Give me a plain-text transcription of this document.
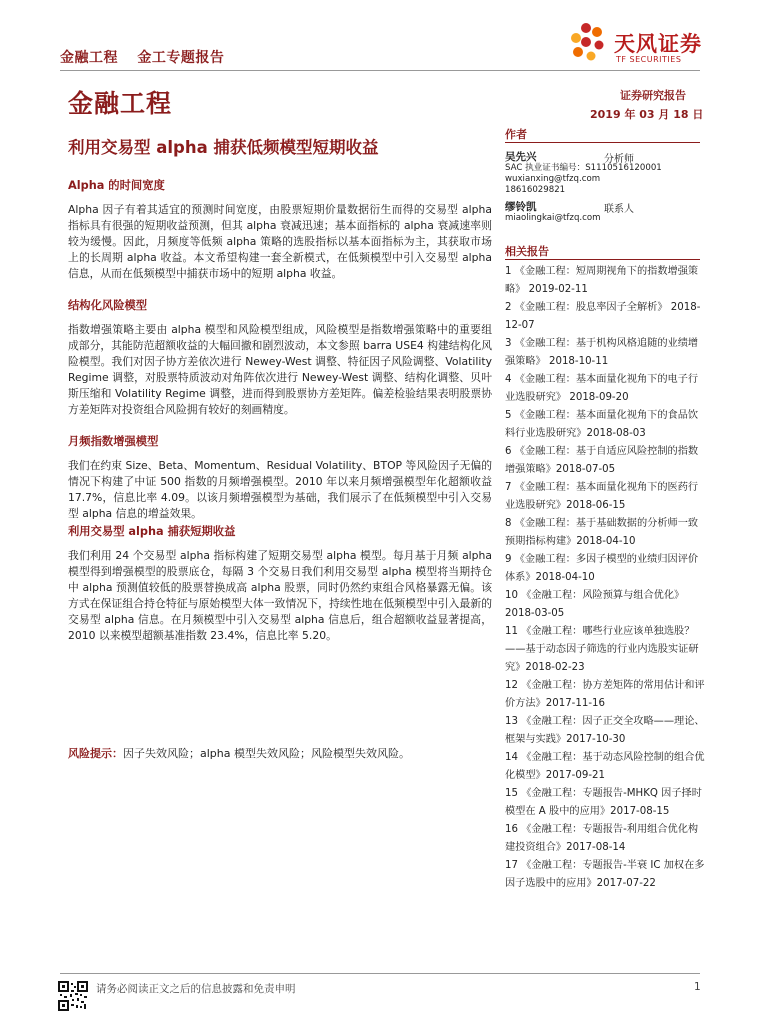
金融工程 金工专题报告
天风证券
TF SECURITIES
金融工程	证券研究报告
2019 年 03 月 18 日
利用交易型 alpha 捕获低频模型短期收益
Alpha 的时间宽度
Alpha 因子有着其适宜的预测时间宽度，由股票短期价量数据衍生而得的交易型 alpha 指标具有很强的短期收益预测，但其 alpha 衰减迅速；基本面指标的 alpha 衰减速率则较为缓慢。因此，月频度等低频 alpha 策略的选股指标以基本面指标为主，其获取市场上的长周期 alpha 收益。本文希望构建一套全新模式，在低频模型中引入交易型 alpha 信息，从而在低频模型中捕获市场中的短期 alpha 收益。
结构化风险模型
指数增强策略主要由 alpha 模型和风险模型组成，风险模型是指数增强策略中的重要组成部分，其能防范超额收益的大幅回撤和剧烈波动，本文参照 barra USE4 构建结构化风险模型。我们对因子协方差依次进行 Newey-West 调整、特征因子风险调整、Volatility Regime 调整，对股票特质波动对角阵依次进行 Newey-West 调整、结构化调整、贝叶斯压缩和 Volatility Regime 调整，进而得到股票协方差矩阵。偏差检验结果表明股票协方差矩阵对投资组合风险拥有较好的刻画精度。
月频指数增强模型
我们在约束 Size、Beta、Momentum、Residual Volatility、BTOP 等风险因子无偏的情况下构建了中证 500 指数的月频增强模型。2010 年以来月频增强模型年化超额收益 17.7%，信息比率 4.09。以该月频增强模型为基础，我们展示了在低频模型中引入交易型 alpha 信息的增益效果。
利用交易型 alpha 捕获短期收益
我们利用 24 个交易型 alpha 指标构建了短期交易型 alpha 模型。每月基于月频 alpha 模型得到增强模型的股票底仓，每隔 3 个交易日我们利用交易型 alpha 模型将当期持仓中 alpha 预测值较低的股票替换成高 alpha 股票，同时仍然约束组合风格暴露无偏。该方式在保证组合持仓特征与原始模型大体一致情况下，持续性地在低频模型中引入最新的交易型 alpha 信息。在月频模型中引入交易型 alpha 信息后，组合超额收益显著提高，2010 以来模型超额基准指数 23.4%，信息比率 5.20。
风险提示：因子失效风险；alpha 模型失效风险；风险模型失效风险。
作者
吴先兴	分析师
SAC 执业证书编号：S1110516120001
wuxianxing@tfzq.com
18616029821
缪铃凯	联系人
miaolingkai@tfzq.com
相关报告
1 《金融工程：短周期视角下的指数增强策略》 2019-02-11
2 《金融工程：股息率因子全解析》 2018-12-07
3 《金融工程：基于机构风格追随的业绩增强策略》 2018-10-11
4 《金融工程：基本面量化视角下的电子行业选股研究》 2018-09-20
5 《金融工程：基本面量化视角下的食品饮料行业选股研究》2018-08-03
6 《金融工程：基于自适应风险控制的指数增强策略》2018-07-05
7 《金融工程：基本面量化视角下的医药行业选股研究》2018-06-15
8 《金融工程：基于基础数据的分析师一致预期指标构建》2018-04-10
9 《金融工程：多因子模型的业绩归因评价体系》2018-04-10
10 《金融工程：风险预算与组合优化》2018-03-05
11 《金融工程：哪些行业应该单独选股？——基于动态因子筛选的行业内选股实证研究》2018-02-23
12 《金融工程：协方差矩阵的常用估计和评价方法》2017-11-16
13 《金融工程：因子正交全攻略——理论、框架与实践》2017-10-30
14 《金融工程：基于动态风险控制的组合优化模型》2017-09-21
15 《金融工程：专题报告-MHKQ 因子择时模型在 A 股中的应用》2017-08-15
16 《金融工程：专题报告-利用组合优化构建投资组合》2017-08-14
17 《金融工程：专题报告-半衰 IC 加权在多因子选股中的应用》2017-07-22
请务必阅读正文之后的信息披露和免责申明	1
